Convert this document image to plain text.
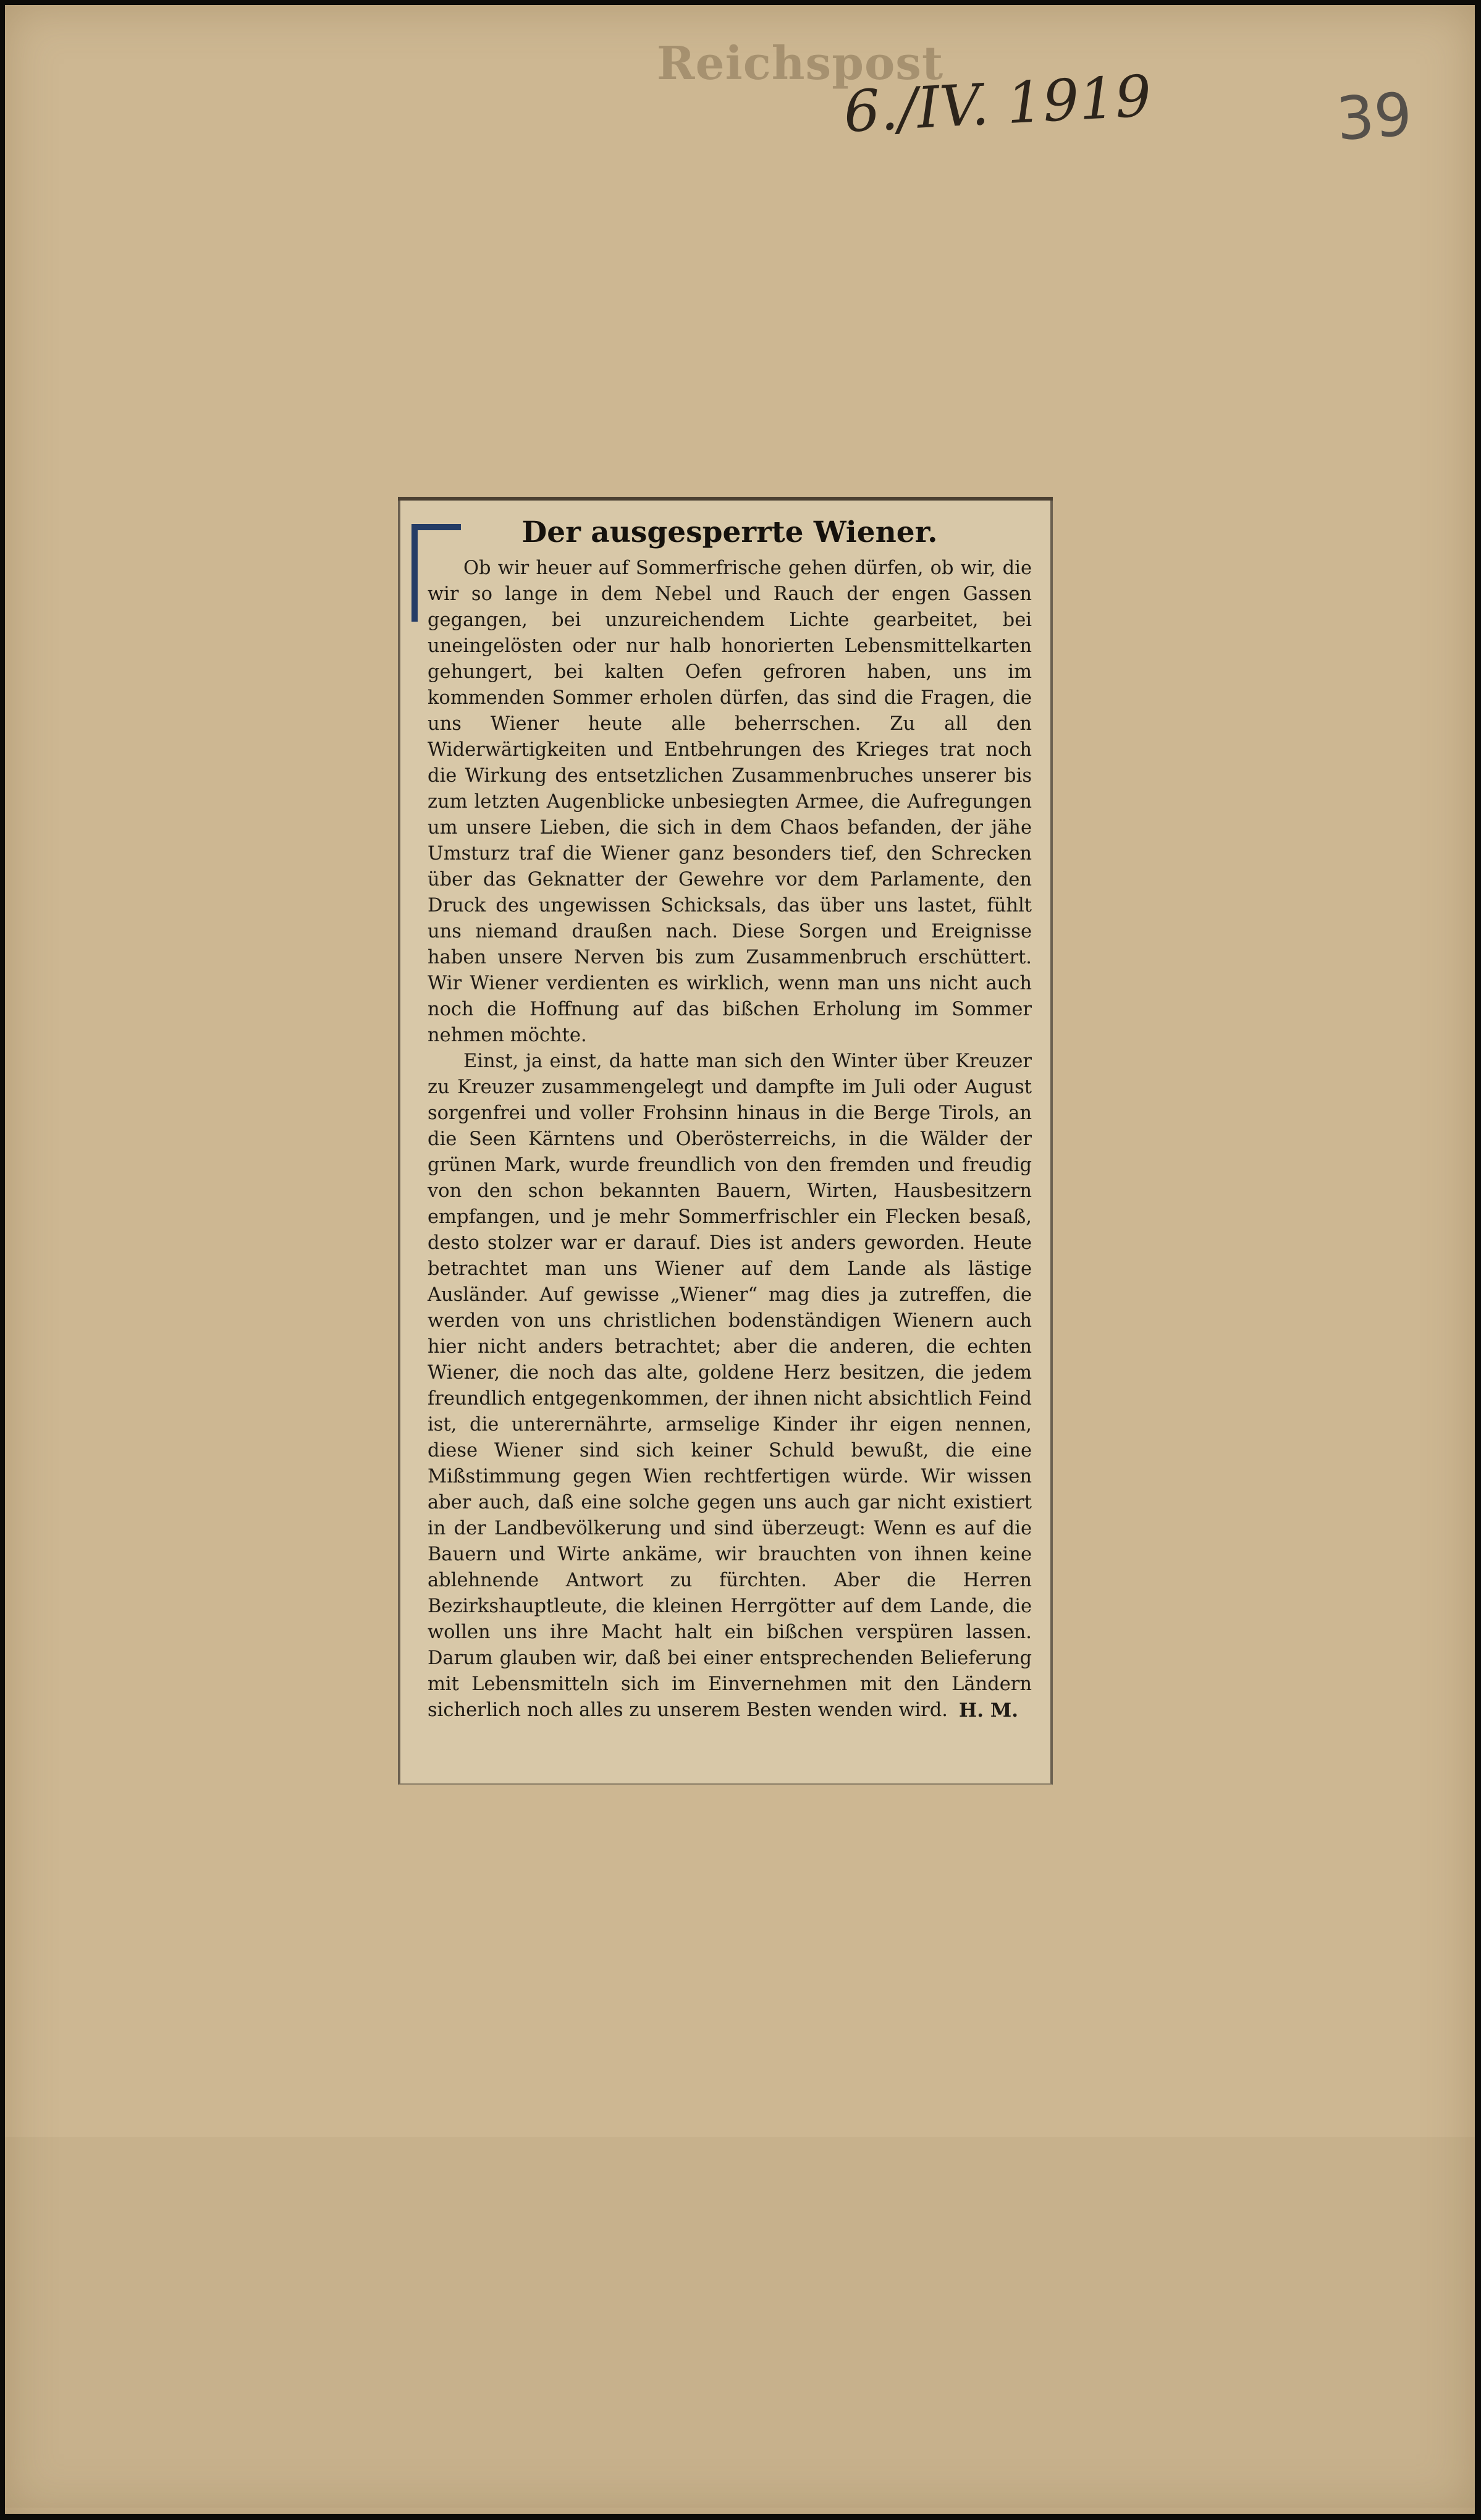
Reichspost
6./IV. 1919	39
Der ausgesperrte Wiener.

Ob wir heuer auf Sommerfrische gehen dürfen, ob wir, die wir so lange in dem Nebel und Rauch der engen Gassen gegangen, bei unzureichendem Lichte gearbeitet, bei uneingelösten oder nur halb honorierten Lebensmittelkarten gehungert, bei kalten Oefen gefroren haben, uns im kommenden Sommer erholen dürfen, das sind die Fragen, die uns Wiener heute alle beherrschen. Zu all den Widerwärtigkeiten und Entbehrungen des Krieges trat noch die Wirkung des entsetzlichen Zusammenbruches unserer bis zum letzten Augenblicke unbesiegten Armee, die Aufregungen um unsere Lieben, die sich in dem Chaos befanden, der jähe Umsturz traf die Wiener ganz besonders tief, den Schrecken über das Geknatter der Gewehre vor dem Parlamente, den Druck des ungewissen Schicksals, das über uns lastet, fühlt uns niemand draußen nach. Diese Sorgen und Ereignisse haben unsere Nerven bis zum Zusammenbruch erschüttert. Wir Wiener verdienten es wirklich, wenn man uns nicht auch noch die Hoffnung auf das bißchen Erholung im Sommer nehmen möchte.

Einst, ja einst, da hatte man sich den Winter über Kreuzer zu Kreuzer zusammengelegt und dampfte im Juli oder August sorgenfrei und voller Frohsinn hinaus in die Berge Tirols, an die Seen Kärntens und Oberösterreichs, in die Wälder der grünen Mark, wurde freundlich von den fremden und freudig von den schon bekannten Bauern, Wirten, Hausbesitzern empfangen, und je mehr Sommerfrischler ein Flecken besaß, desto stolzer war er darauf. Dies ist anders geworden. Heute betrachtet man uns Wiener auf dem Lande als lästige Ausländer. Auf gewisse „Wiener“ mag dies ja zutreffen, die werden von uns christlichen bodenständigen Wienern auch hier nicht anders betrachtet; aber die anderen, die echten Wiener, die noch das alte, goldene Herz besitzen, die jedem freundlich entgegenkommen, der ihnen nicht absichtlich Feind ist, die unterernährte, armselige Kinder ihr eigen nennen, diese Wiener sind sich keiner Schuld bewußt, die eine Mißstimmung gegen Wien rechtfertigen würde. Wir wissen aber auch, daß eine solche gegen uns auch gar nicht existiert in der Landbevölkerung und sind überzeugt: Wenn es auf die Bauern und Wirte ankäme, wir brauchten von ihnen keine ablehnende Antwort zu fürchten. Aber die Herren Bezirkshauptleute, die kleinen Herrgötter auf dem Lande, die wollen uns ihre Macht halt ein bißchen verspüren lassen. Darum glauben wir, daß bei einer entsprechenden Belieferung mit Lebensmitteln sich im Einvernehmen mit den Ländern sicherlich noch alles zu unserem Besten wenden wird. H. M.
